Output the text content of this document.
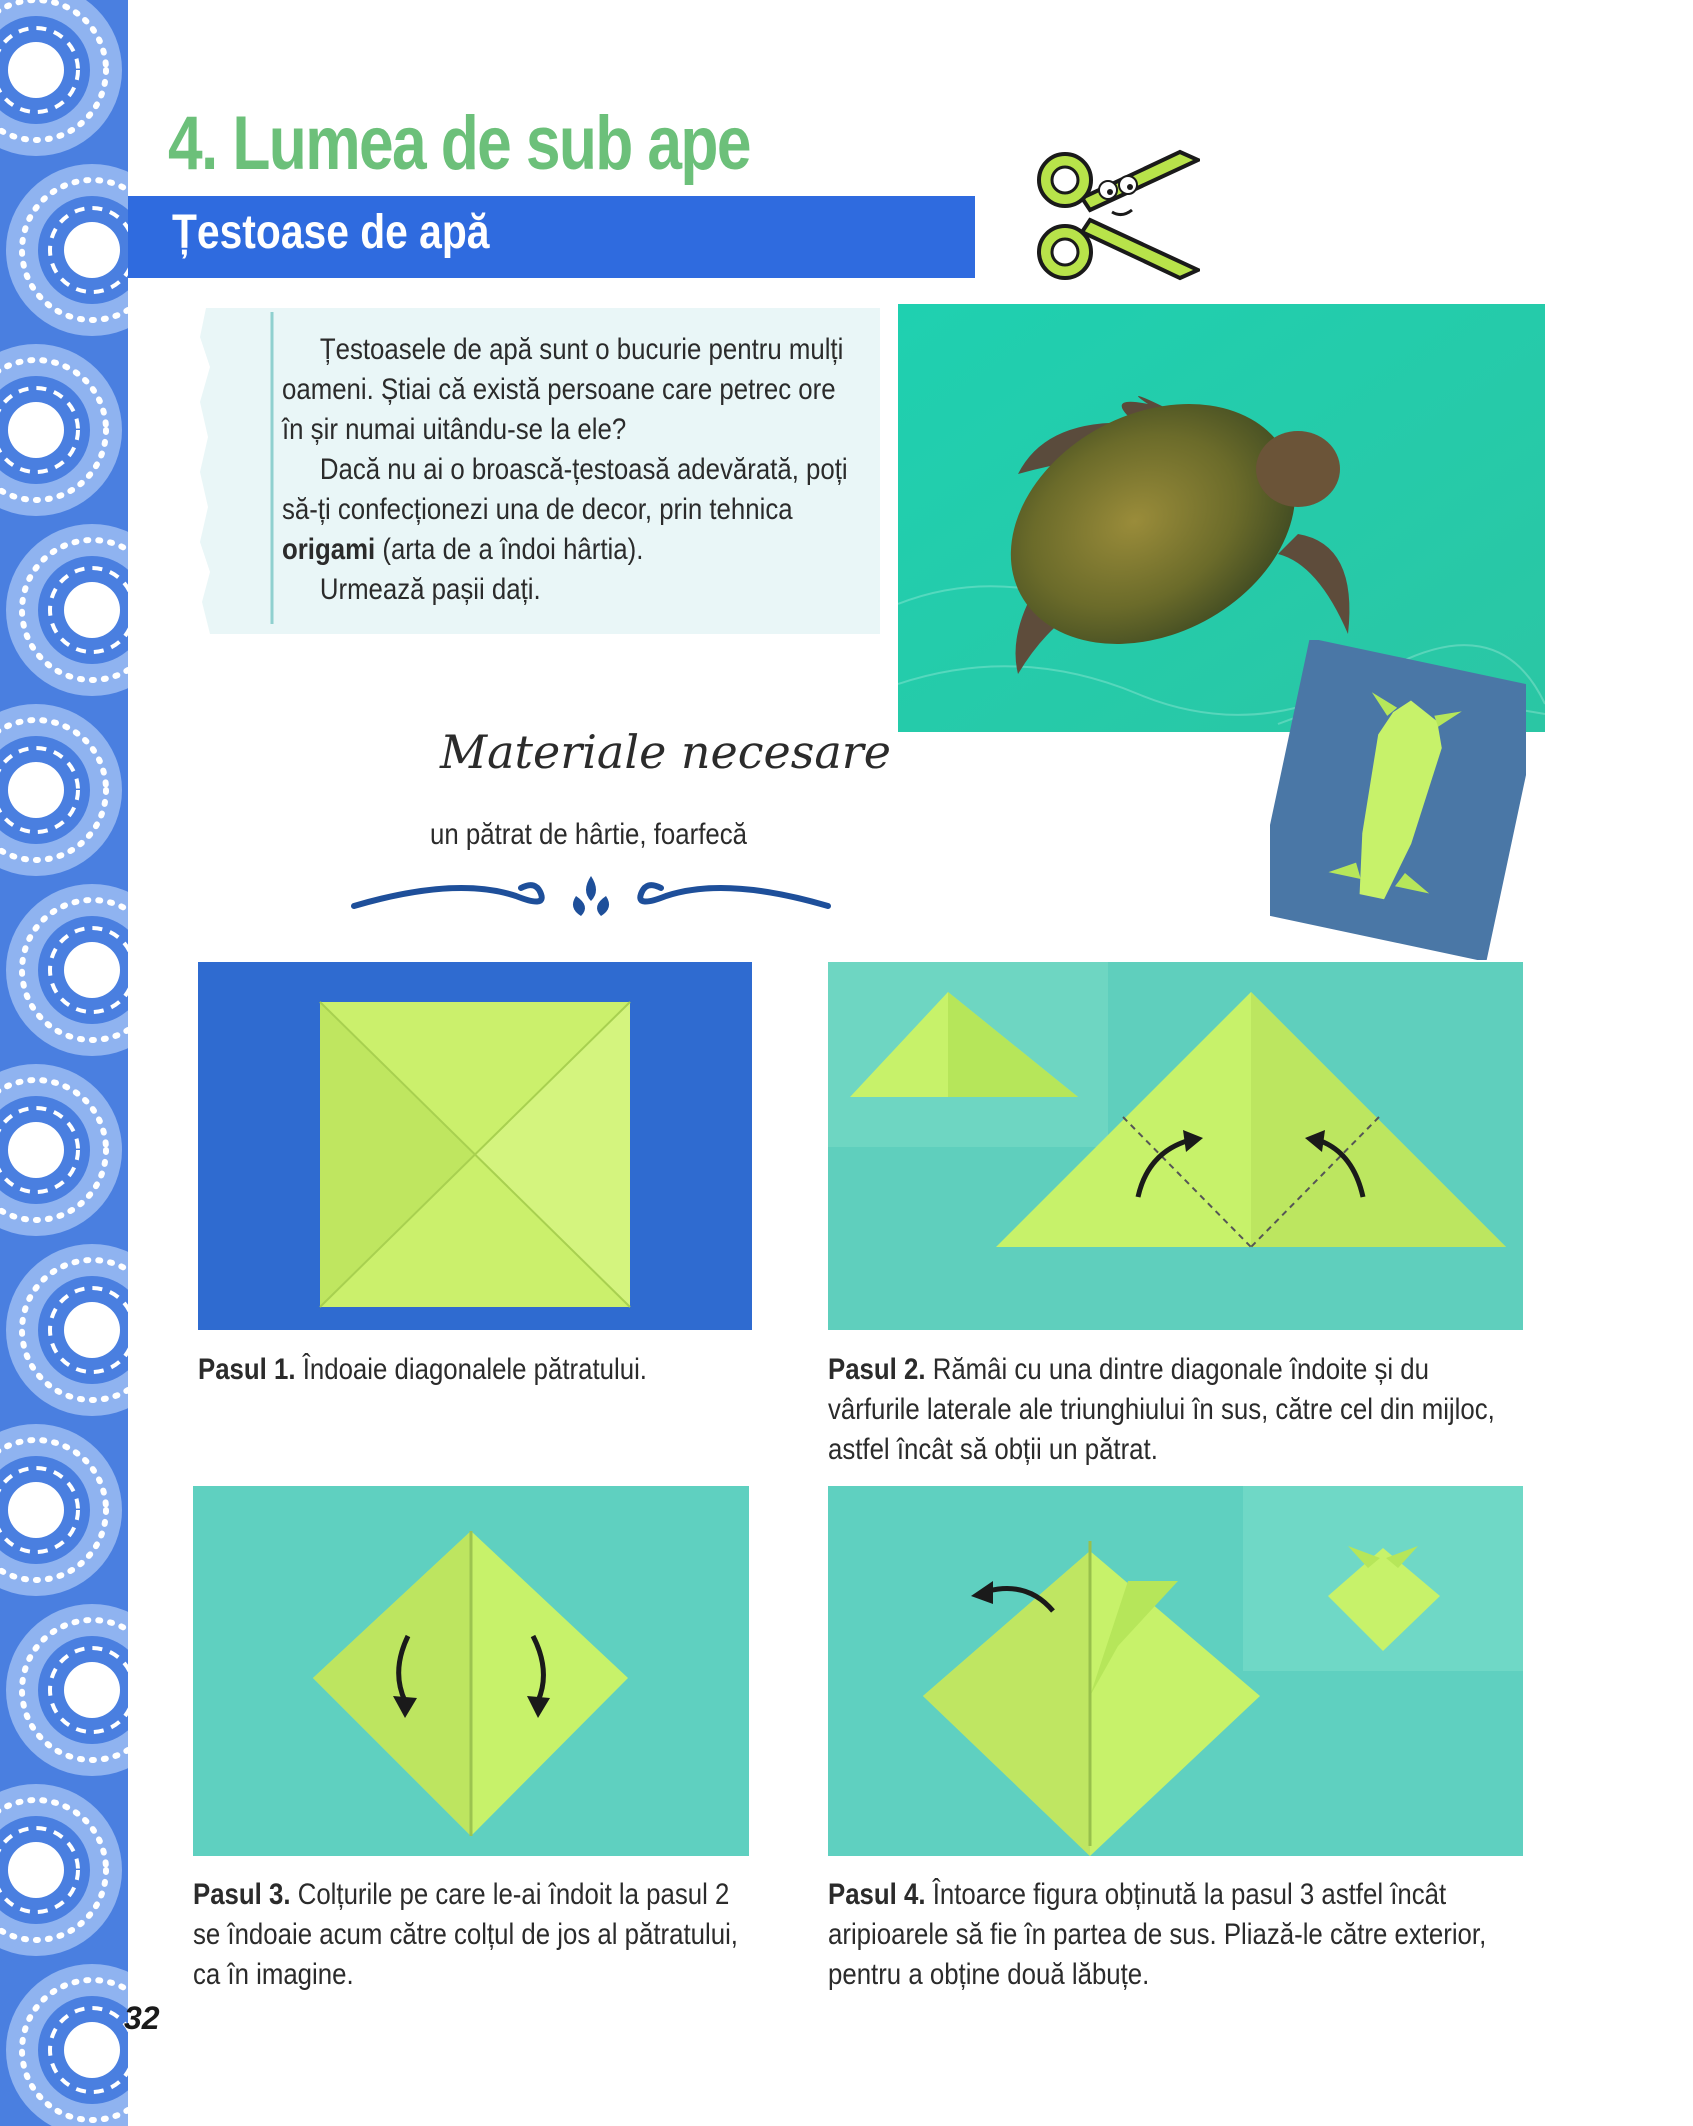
4. Lumea de sub ape
Țestoase de apă

Țestoasele de apă sunt o bucurie pentru mulți

oameni. Știai că există persoane care petrec ore

în șir numai uitându-se la ele?

Dacă nu ai o broască-țestoasă adevărată, poți

să-ți confecționezi una de decor, prin tehnica

origami (arta de a îndoi hârtia).

Urmează pașii dați.

Materiale necesare
un pătrat de hârtie, foarfecă
Pasul 1. Îndoaie diagonalele pătratului.	Pasul 2. Rămâi cu una dintre diagonale îndoite și du
vârfurile laterale ale triunghiului în sus, către cel din mijloc,
astfel încât să obții un pătrat.
Pasul 3. Colțurile pe care le-ai îndoit la pasul 2
se îndoaie acum către colțul de jos al pătratului,
ca în imagine.
Pasul 4. Întoarce figura obținută la pasul 3 astfel încât
aripioarele să fie în partea de sus. Pliază-le către exterior,
pentru a obține două lăbuțe.
32
